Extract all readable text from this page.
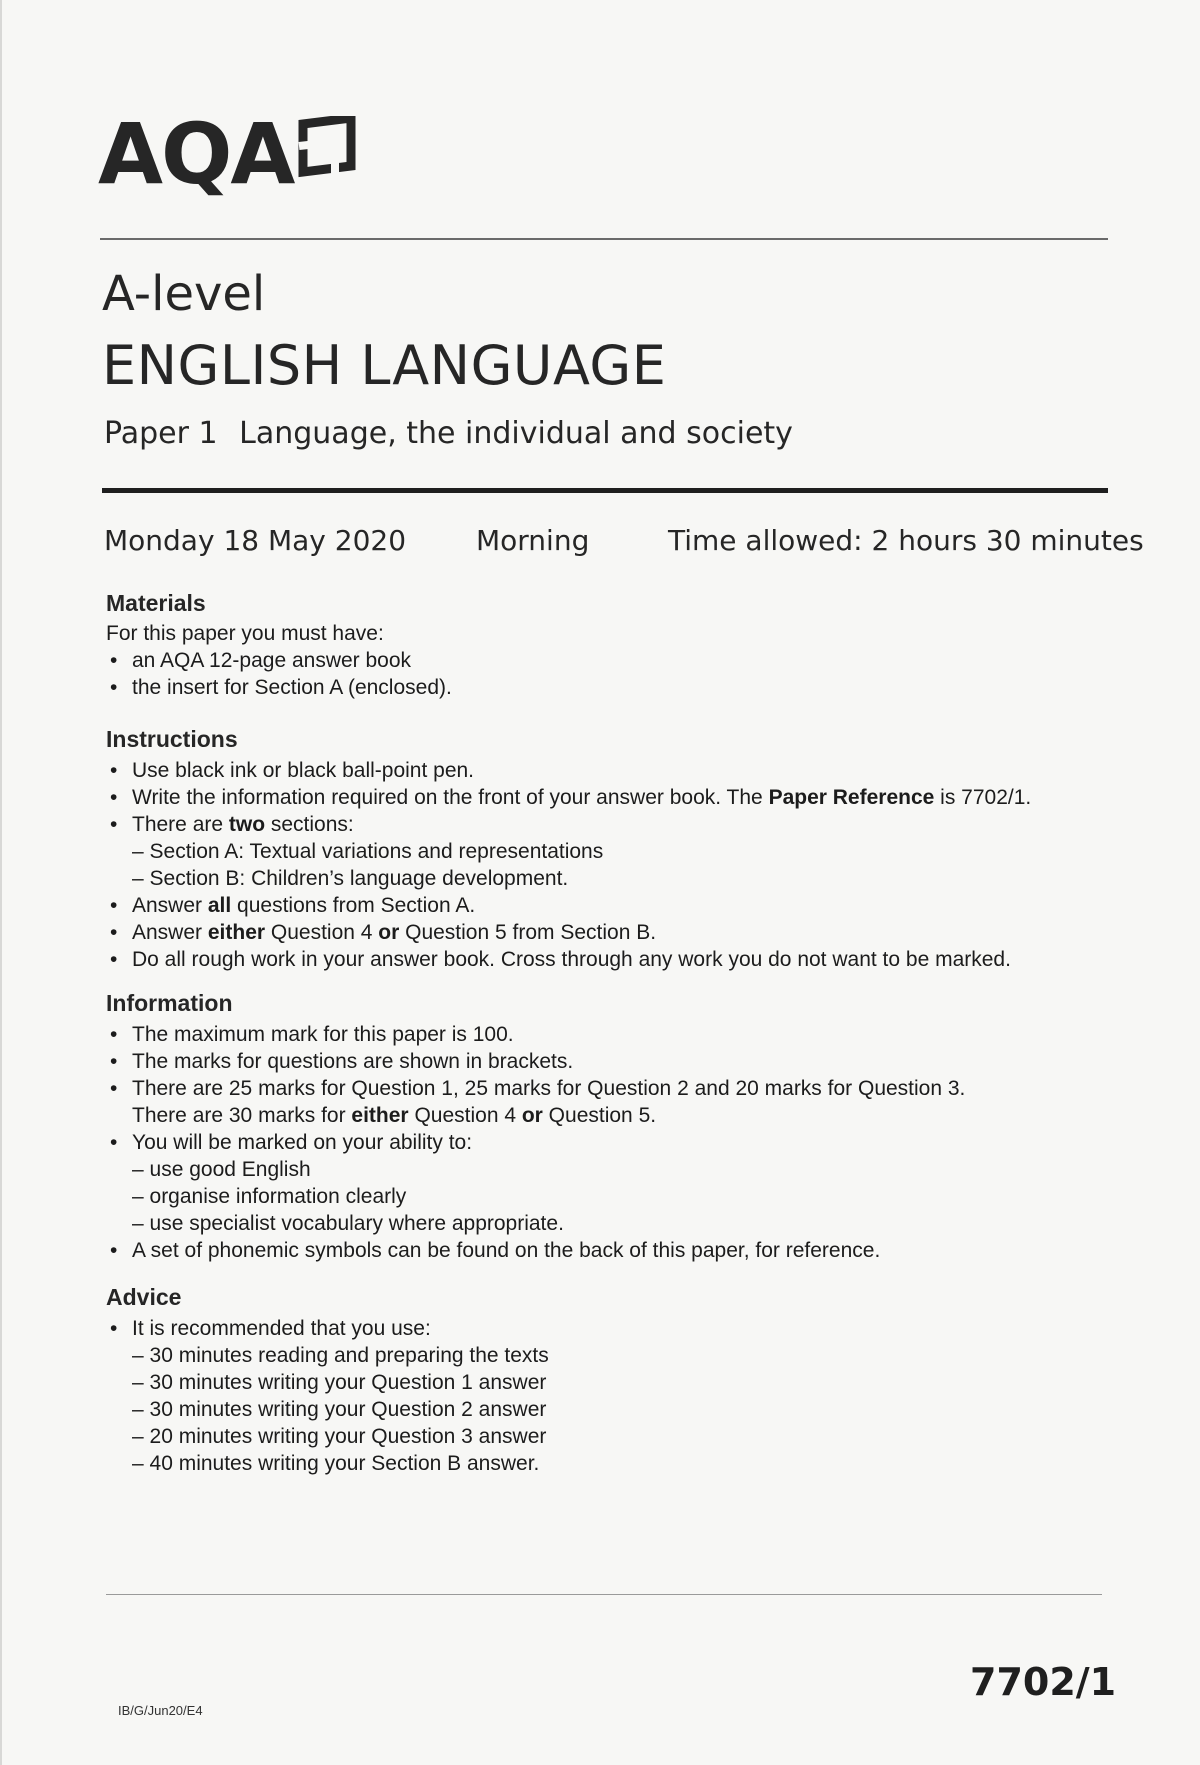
AQA
A-level
ENGLISH LANGUAGE
Paper 1 Language, the individual and society
Monday 18 May 2020 Morning	Time allowed: 2 hours 30 minutes
Materials
For this paper you must have:
• an AQA 12-page answer book
• the insert for Section A (enclosed).
Instructions
• Use black ink or black ball-point pen.
• Write the information required on the front of your answer book. The Paper Reference is 7702/1.
• There are two sections:
– Section A: Textual variations and representations
– Section B: Children’s language development.
• Answer all questions from Section A.
• Answer either Question 4 or Question 5 from Section B.
• Do all rough work in your answer book. Cross through any work you do not want to be marked.
Information
• The maximum mark for this paper is 100.
• The marks for questions are shown in brackets.
• There are 25 marks for Question 1, 25 marks for Question 2 and 20 marks for Question 3.
There are 30 marks for either Question 4 or Question 5.
• You will be marked on your ability to:
– use good English
– organise information clearly
– use specialist vocabulary where appropriate.
• A set of phonemic symbols can be found on the back of this paper, for reference.
Advice
• It is recommended that you use:
– 30 minutes reading and preparing the texts
– 30 minutes writing your Question 1 answer
– 30 minutes writing your Question 2 answer
– 20 minutes writing your Question 3 answer
– 40 minutes writing your Section B answer.
IB/G/Jun20/E4
7702/1
